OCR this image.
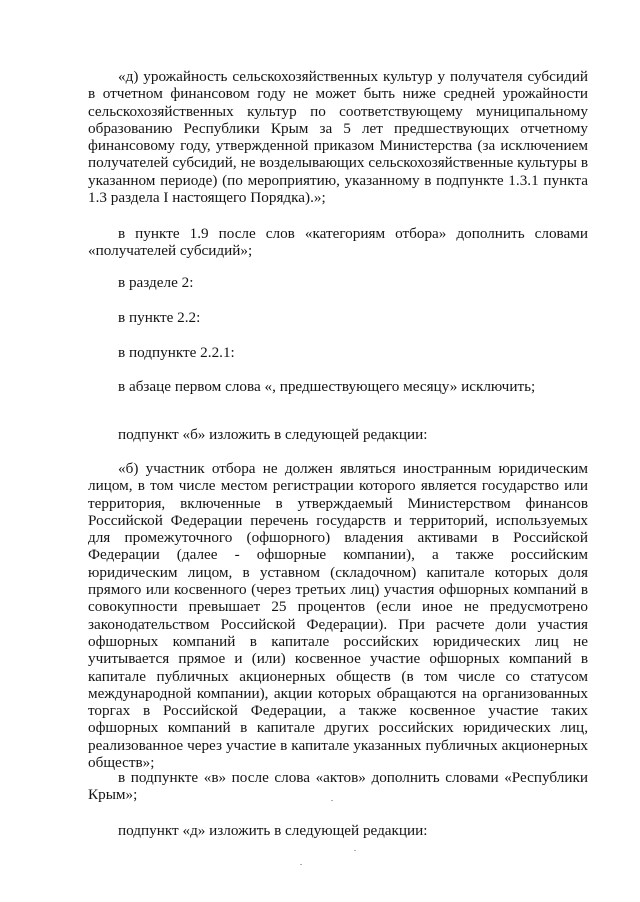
«д) урожайность сельскохозяйственных культур у получателя субсидий в отчетном финансовом году не может быть ниже средней урожайности сельскохозяйственных культур по соответствующему муниципальному образованию Республики Крым за 5 лет предшествующих отчетному финансовому году, утвержденной приказом Министерства (за исключением получателей субсидий, не возделывающих сельскохозяйственные культуры в указанном периоде) (по мероприятию, указанному в подпункте 1.3.1 пункта 1.3 раздела I настоящего Порядка).»;

в пункте 1.9 после слов «категориям отбора» дополнить словами «получателей субсидий»;

в разделе 2:

в пункте 2.2:

в подпункте 2.2.1:

в абзаце первом слова «, предшествующего месяцу» исключить;

подпункт «б» изложить в следующей редакции:

«б) участник отбора не должен являться иностранным юридическим лицом, в том числе местом регистрации которого является государство или территория, включенные в утверждаемый Министерством финансов Российской Федерации перечень государств и территорий, используемых для промежуточного (офшорного) владения активами в Российской Федерации (далее - офшорные компании), а также российским юридическим лицом, в уставном (складочном) капитале которых доля прямого или косвенного (через третьих лиц) участия офшорных компаний в совокупности превышает 25 процентов (если иное не предусмотрено законодательством Российской Федерации). При расчете доли участия офшорных компаний в капитале российских юридических лиц не учитывается прямое и (или) косвенное участие офшорных компаний в капитале публичных акционерных обществ (в том числе со статусом международной компании), акции которых обращаются на организованных торгах в Российской Федерации, а также косвенное участие таких офшорных компаний в капитале других российских юридических лиц, реализованное через участие в капитале указанных публичных акционерных обществ»;

в подпункте «в» после слова «актов» дополнить словами «Республики Крым»;

подпункт «д» изложить в следующей редакции:
